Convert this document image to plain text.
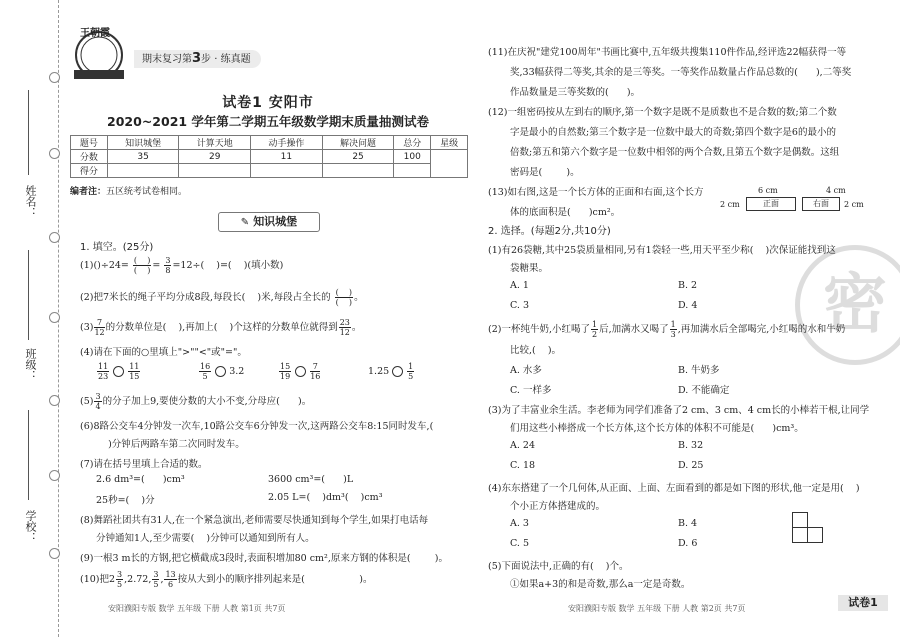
姓名：
班级：
学校：
王朝霞
期末复习第3步 · 练真题
试卷1 安阳市
2020~2021 学年第二学期五年级数学期末质量抽测试卷
题号	知识城堡	计算天地	动手操作	解决问题	总分	星级
分数	35	29	11	25	100	
得分						
编者注：五区统考试卷相同。
✎ 知识城堡
1. 填空。(25分)
(1)()÷24= (    )
(    ) = $\frac{3}{8} =12\div$( )=( )(填小数)
(2)把7米长的绳子平均分成8段,每段长( )米,每段占全长的 (    )
(    ) 。
$(3) \frac{7}{12}$ 的分数单位是( ),再加上( )个这样的分数单位就得到 $\frac{23}{12}$ 。
(4)请在下面的○里填上">""<"或"="。
$\frac{11}{23} \frac{11}{15}$	$\frac{16}{5} 3.2$	$\frac{15}{19} \frac{7}{16}$	$1.25 \frac{1}{5}$
$(5) \frac{3}{4}$ 的分子加上9,要使分数的大小不变,分母应( )。
(6)8路公交车4分钟发一次车,10路公交车6分钟发一次,这两路公交车8:15同时发车,(
)分钟后两路车第二次同时发车。
(7)请在括号里填上合适的数。
2.6 dm³=( )cm³	3600 cm³=( )L
25秒=( )分	2.05 L=( )dm³( )cm³
(8)舞蹈社团共有31人,在一个紧急演出,老师需要尽快通知到每个学生,如果打电话每
分钟通知1人,至少需要( )分钟可以通知到所有人。
(9)一根3 m长的方钢,把它横截成3段时,表面积增加80 cm²,原来方钢的体积是(	)。
(10)把$2 \frac{3}{5} ,2.72$, $\frac{3}{5}$ , $\frac{13}{6}$ 按从大到小的顺序排列起来是(	)。
安阳濮阳专版 数学 五年级 下册 人教 第1页 共7页
密
(11)在庆祝"建党100周年"书画比赛中,五年级共搜集110件作品,经评选22幅获得一等
奖,33幅获得二等奖,其余的是三等奖。一等奖作品数量占作品总数的( ),二等奖
作品数量是三等奖数的( )。
(12)一组密码按从左到右的顺序,第一个数字是既不是质数也不是合数的数;第二个数
字是最小的自然数;第三个数字是一位数中最大的奇数;第四个数字是6的最小的
倍数;第五和第六个数字是一位数中相邻的两个合数,且第五个数字是偶数。这组
密码是(	)。
(13)如右图,这是一个长方体的正面和右面,这个长方
体的底面积是( )cm²。
6 cm	4 cm
2 cm	正面	右面	2 cm
2. 选择。(每题2分,共10分)
(1)有26袋糖,其中25袋质量相同,另有1袋轻一些,用天平至少称( )次保证能找到这
袋糖果。
A. 1	B. 2
C. 3	D. 4
(2)一杯纯牛奶,小红喝了 $\frac{1}{2}$ 后,加满水又喝了 $\frac{1}{3}$ ,再加满水后全部喝完,小红喝的水和牛奶
比较,( )。
A. 水多	B. 牛奶多
C. 一样多	D. 不能确定
(3)为了丰富业余生活。李老师为同学们准备了2 cm、3 cm、4 cm长的小棒若干根,让同学
们用这些小棒搭成一个长方体,这个长方体的体积不可能是( )cm³。
A. 24	B. 32
C. 18	D. 25
(4)东东搭建了一个几何体,从正面、上面、左面看到的都是如下图的形状,他一定是用( )
个小正方体搭建成的。
A. 3	B. 4
C. 5	D. 6
(5)下面说法中,正确的有( )个。
①如果a+3的和是奇数,那么a一定是奇数。
安阳濮阳专版 数学 五年级 下册 人教 第2页 共7页	试卷1
